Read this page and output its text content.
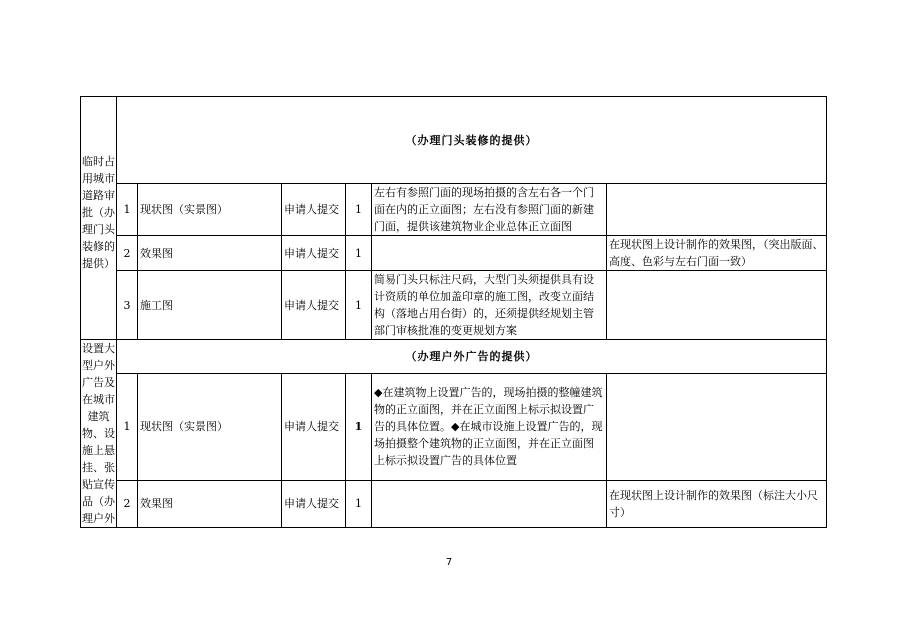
临时占用城市道路审批（办理门头装修的提供）	（办理门头装修的提供）					
	1	现状图（实景图）	申请人提交	1	左右有参照门面的现场拍摄的含左右各一个门面在内的正立面图；左右没有参照门面的新建门面，提供该建筑物业企业总体正立面图	
	2	效果图	申请人提交	1		在现状图上设计制作的效果图，（突出版面、高度、色彩与左右门面一致）
	3	施工图	申请人提交	1	简易门头只标注尺码，大型门头须提供具有设计资质的单位加盖印章的施工图，改变立面结构（落地占用台街）的，还须提供经规划主管部门审核批准的变更规划方案	
设置大型户外广告及在城市建筑物、设施上悬挂、张贴宣传品（办理户外	（办理户外广告的提供）					
	1	现状图（实景图）	申请人提交	1	◆在建筑物上设置广告的，现场拍摄的整幢建筑物的正立面图，并在正立面图上标示拟设置广告的具体位置。◆在城市设施上设置广告的，现场拍摄整个建筑物的正立面图，并在正立面图上标示拟设置广告的具体位置	
	2	效果图	申请人提交	1		在现状图上设计制作的效果图（标注大小尺寸）
7
